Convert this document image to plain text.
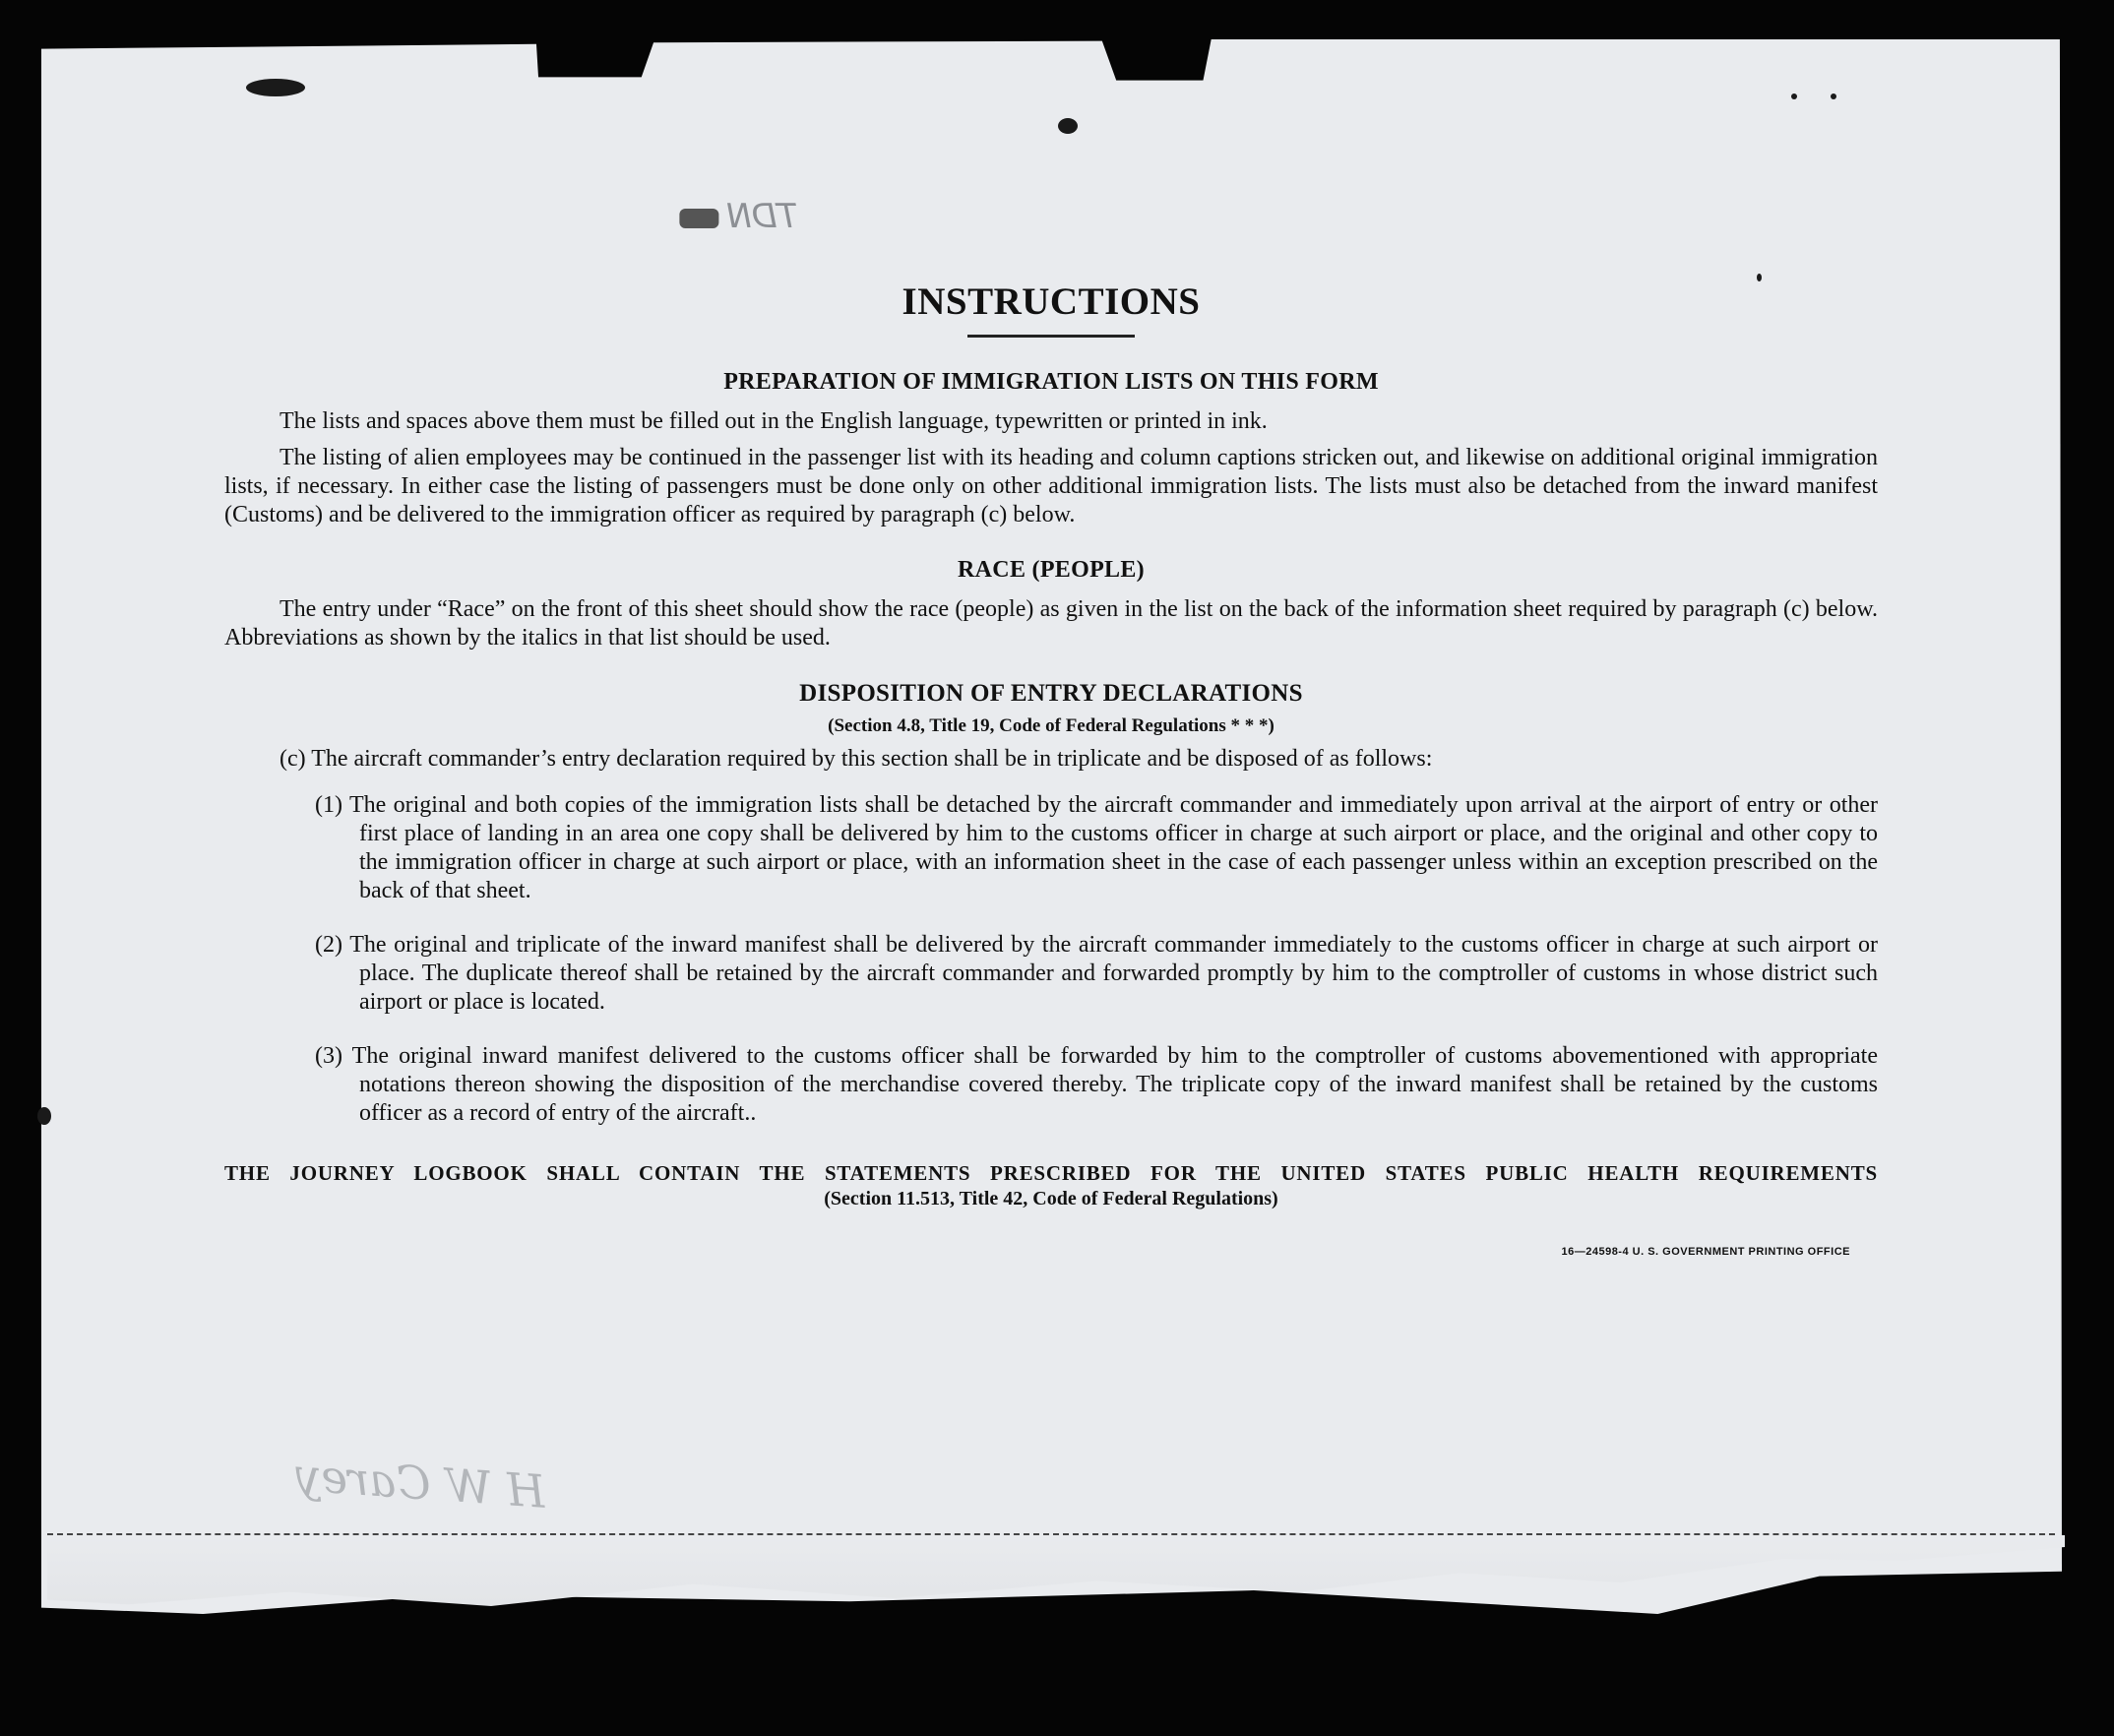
TDN
INSTRUCTIONS
PREPARATION OF IMMIGRATION LISTS ON THIS FORM

The lists and spaces above them must be filled out in the English language, typewritten or printed in ink.

The listing of alien employees may be continued in the passenger list with its heading and column captions stricken out, and likewise on additional original immigration lists, if necessary. In either case the listing of passengers must be done only on other additional immigration lists. The lists must also be detached from the inward manifest (Customs) and be delivered to the immigration officer as required by paragraph (c) below.

RACE (PEOPLE)

The entry under “Race” on the front of this sheet should show the race (people) as given in the list on the back of the information sheet required by paragraph (c) below. Abbreviations as shown by the italics in that list should be used.

DISPOSITION OF ENTRY DECLARATIONS
(Section 4.8, Title 19, Code of Federal Regulations * * *)

(c) The aircraft commander’s entry declaration required by this section shall be in triplicate and be disposed of as follows:

(1) The original and both copies of the immigration lists shall be detached by the aircraft commander and immediately upon arrival at the airport of entry or other first place of landing in an area one copy shall be delivered by him to the customs officer in charge at such airport or place, and the original and other copy to the immigration officer in charge at such airport or place, with an information sheet in the case of each passenger unless within an exception prescribed on the back of that sheet.

(2) The original and triplicate of the inward manifest shall be delivered by the aircraft commander immediately to the customs officer in charge at such airport or place. The duplicate thereof shall be retained by the aircraft commander and forwarded promptly by him to the comptroller of customs in whose district such airport or place is located.

(3) The original inward manifest delivered to the customs officer shall be forwarded by him to the comptroller of customs abovementioned with appropriate notations thereon showing the disposition of the merchandise covered thereby. The triplicate copy of the inward manifest shall be retained by the customs officer as a record of entry of the aircraft..

THE JOURNEY LOGBOOK SHALL CONTAIN THE STATEMENTS PRESCRIBED FOR THE UNITED STATES PUBLIC HEALTH REQUIREMENTS
(Section 11.513, Title 42, Code of Federal Regulations)
16—24598-4 U. S. GOVERNMENT PRINTING OFFICE
H W Carey
